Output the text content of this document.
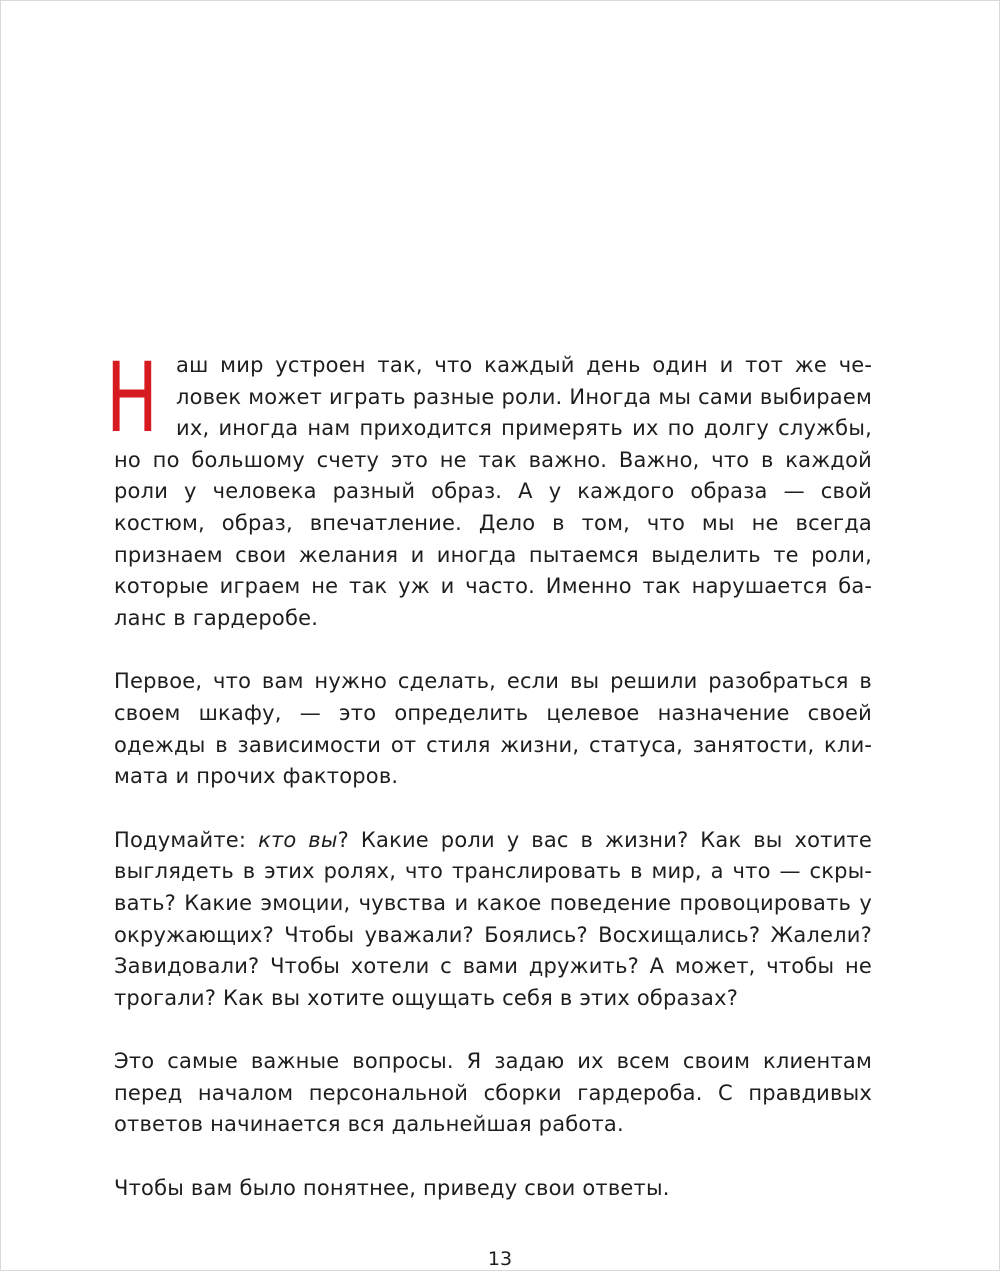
Наш мир устроен так, что каждый день один и тот же человек может играть разные роли. Иногда мы сами выбираем их, иногда нам приходится примерять их по долгу службы, но по большому счету это не так важно. Важно, что в каждой роли у человека разный образ. А у каждого образа — свой костюм, образ, впечатление. Дело в том, что мы не всегда признаем свои желания и иногда пытаемся выделить те роли, которые играем не так уж и часто. Именно так нарушается баланс в гардеробе.

Первое, что вам нужно сделать, если вы решили разобраться в своем шкафу, — это определить целевое назначение своей одежды в зависимости от стиля жизни, статуса, занятости, климата и прочих факторов.

Подумайте: кто вы? Какие роли у вас в жизни? Как вы хотите выглядеть в этих ролях, что транслировать в мир, а что — скрывать? Какие эмоции, чувства и какое поведение провоцировать у окружающих? Чтобы уважали? Боялись? Восхищались? Жалели? Завидовали? Чтобы хотели с вами дружить? А может, чтобы не трогали? Как вы хотите ощущать себя в этих образах?

Это самые важные вопросы. Я задаю их всем своим клиентам перед началом персональной сборки гардероба. С правдивых ответов начинается вся дальнейшая работа.

Чтобы вам было понятнее, приведу свои ответы.

13
